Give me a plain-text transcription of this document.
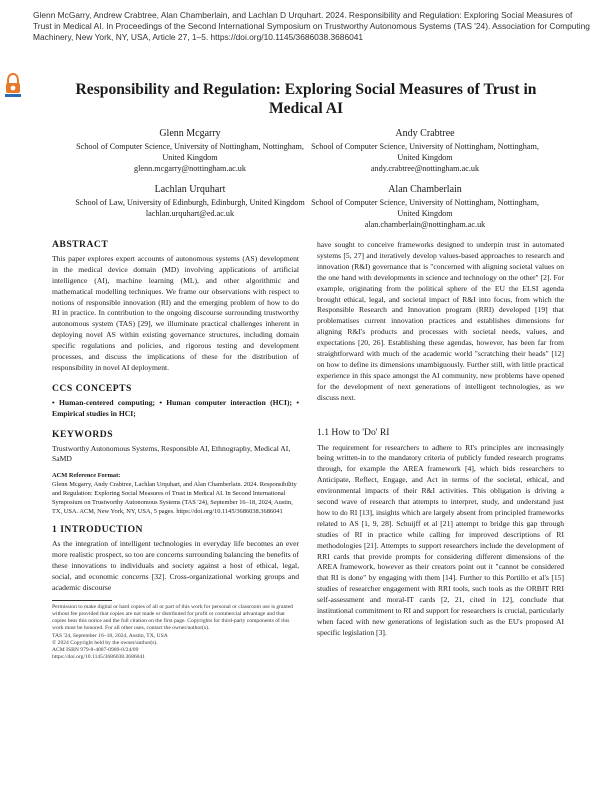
Glenn McGarry, Andrew Crabtree, Alan Chamberlain, and Lachlan D Urquhart. 2024. Responsibility and Regulation: Exploring Social Measures of Trust in Medical AI. In Proceedings of the Second International Symposium on Trustworthy Autonomous Systems (TAS '24). Association for Computing Machinery, New York, NY, USA, Article 27, 1–5. https://doi.org/10.1145/3686038.3686041
Responsibility and Regulation: Exploring Social Measures of Trust in Medical AI
Glenn Mcgarry
School of Computer Science, University of Nottingham, Nottingham, United Kingdom
glenn.mcgarry@nottingham.ac.uk
Andy Crabtree
School of Computer Science, University of Nottingham, Nottingham, United Kingdom
andy.crabtree@nottingham.ac.uk
Lachlan Urquhart
School of Law, University of Edinburgh, Edinburgh, United Kingdom
lachlan.urquhart@ed.ac.uk
Alan Chamberlain
School of Computer Science, University of Nottingham, Nottingham, United Kingdom
alan.chamberlain@nottingham.ac.uk
ABSTRACT

This paper explores expert accounts of autonomous systems (AS) development in the medical device domain (MD) involving applications of artificial intelligence (AI), machine learning (ML), and other algorithmic and mathematical modelling techniques. We frame our observations with respect to notions of responsible innovation (RI) and the emerging problem of how to do RI in practice. In contribution to the ongoing discourse surrounding trustworthy autonomous system (TAS) [29], we illuminate practical challenges inherent in deploying novel AS within existing governance structures, including domain specific regulations and policies, and rigorous testing and development processes, and discuss the implications of these for the distribution of responsibility in novel AI deployment.

CCS CONCEPTS
• Human-centered computing; • Human computer interaction (HCI); • Empirical studies in HCI;
KEYWORDS

Trustworthy Autonomous Systems, Responsible AI, Ethnography, Medical AI, SaMD

ACM Reference Format:
Glenn Mcgarry, Andy Crabtree, Lachlan Urquhart, and Alan Chamberlain. 2024. Responsibility and Regulation: Exploring Social Measures of Trust in Medical AI. In Second International Symposium on Trustworthy Autonomous Systems (TAS '24), September 16–18, 2024, Austin, TX, USA. ACM, New York, NY, USA, 5 pages. https://doi.org/10.1145/3686038.3686041
1 INTRODUCTION

As the integration of intelligent technologies in everyday life becomes an ever more realistic prospect, so too are concerns surrounding balancing the benefits of these innovations to individuals and society against a host of ethical, legal, social, and economic concerns [32]. Cross-organizational working groups and academic discourse

Permission to make digital or hard copies of all or part of this work for personal or classroom use is granted without fee provided that copies are not made or distributed for profit or commercial advantage and that copies bear this notice and the full citation on the first page. Copyrights for third-party components of this work must be honored. For all other uses, contact the owner/author(s).
TAS '24, September 16–18, 2024, Austin, TX, USA
© 2024 Copyright held by the owner/author(s).
ACM ISBN 979-8-4007-0989-0/24/09
https://doi.org/10.1145/3686038.3686041

have sought to conceive frameworks designed to underpin trust in automated systems [5, 27] and iteratively develop values-based approaches to research and innovation (R&I) governance that is "concerned with aligning societal values on the one hand with developments in science and technology on the other" [2]. For example, originating from the political sphere of the EU the ELSI agenda brought ethical, legal, and societal impact of R&I into focus, from which the Responsible Research and Innovation program (RRI) developed [19] that problematises current innovation practices and establishes dimensions for aligning R&I's products and processes with societal needs, values, and expectations [20, 26]. Establishing these agendas, however, has been far from straightforward with much of the academic world "scratching their heads" [12] on how to define its dimensions unambiguously. Further still, with little practical experience in this space amongst the AI community, new problems have opened for the development of next generations of intelligent technologies, as we discuss next.

1.1 How to 'Do' RI

The requirement for researchers to adhere to RI's principles are increasingly being written-in to the mandatory criteria of publicly funded research programs through, for example the AREA framework [4], which bids researchers to Anticipate, Reflect, Engage, and Act in terms of the societal, ethical, and environmental impacts of their R&I activities. This obligation is driving a second wave of research that attempts to interpret, study, and understand just how to do RI [13], insights which are largely absent from principled frameworks related to AS [1, 9, 28]. Schuijff et al [21] attempt to bridge this gap through studies of RI in practice while calling for improved descriptions of RI methodologies [21]. Attempts to support researchers include the development of RRI cards that provide prompts for considering different dimensions of the AREA framework, however as their creators point out it "cannot be considered that RI is done" by engaging with them [14]. Further to this Portillo et al's [15] studies of researcher engagement with RRI tools, such tools as the ORBIT RRI self-assessment and moral-IT cards [2, 21, cited in 12], conclude that institutional commitment to RI and support for researchers is crucial, particularly when faced with new generations of legislation such as the EU's proposed AI specific legislation [3].
